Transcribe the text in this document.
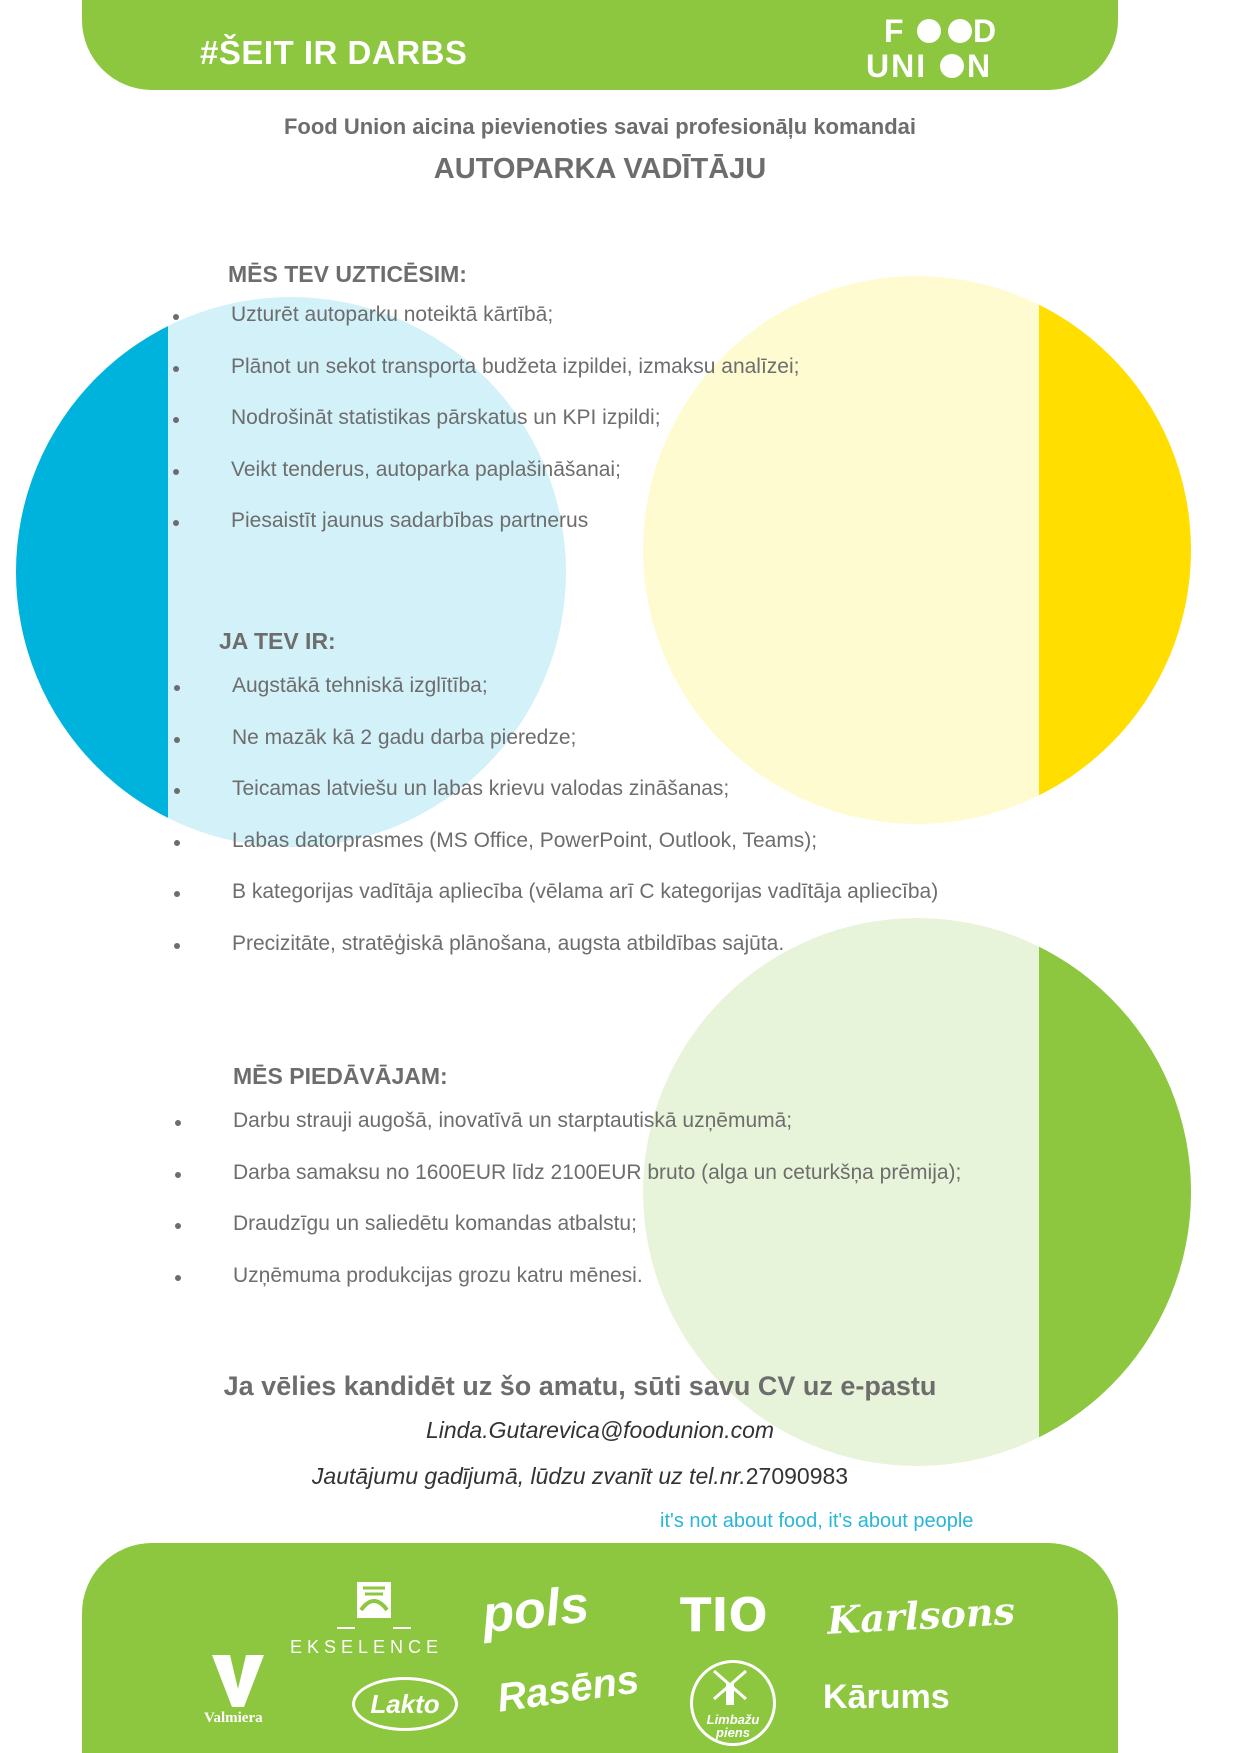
#ŠEIT IR DARBS
F D
UNI N
Food Union aicina pievienoties savai profesionāļu komandai
AUTOPARKA VADĪTĀJU
MĒS TEV UZTICĒSIM:
Uzturēt autoparku noteiktā kārtībā;
Plānot un sekot transporta budžeta izpildei, izmaksu analīzei;
Nodrošināt statistikas pārskatus un KPI izpildi;
Veikt tenderus, autoparka paplašināšanai;
Piesaistīt jaunus sadarbības partnerus
JA TEV IR:
Augstākā tehniskā izglītība;
Ne mazāk kā 2 gadu darba pieredze;
Teicamas latviešu un labas krievu valodas zināšanas;
Labas datorprasmes (MS Office, PowerPoint, Outlook, Teams);
B kategorijas vadītāja apliecība (vēlama arī C kategorijas vadītāja apliecība)
Precizitāte, stratēģiskā plānošana, augsta atbildības sajūta.
MĒS PIEDĀVĀJAM:
Darbu strauji augošā, inovatīvā un starptautiskā uzņēmumā;
Darba samaksu no 1600EUR līdz 2100EUR bruto (alga un ceturkšņa prēmija);
Draudzīgu un saliedētu komandas atbalstu;
Uzņēmuma produkcijas grozu katru mēnesi.
Ja vēlies kandidēt uz šo amatu, sūti savu CV uz e-pastu
Linda.Gutarevica@foodunion.com
Jautājumu gadījumā, lūdzu zvanīt uz tel.nr.27090983
it's not about food, it's about people
EKSELENCE
pols TIO Karlsons
Valmiera	Lakto	Rasēns	Limbažu piens
Kārums
